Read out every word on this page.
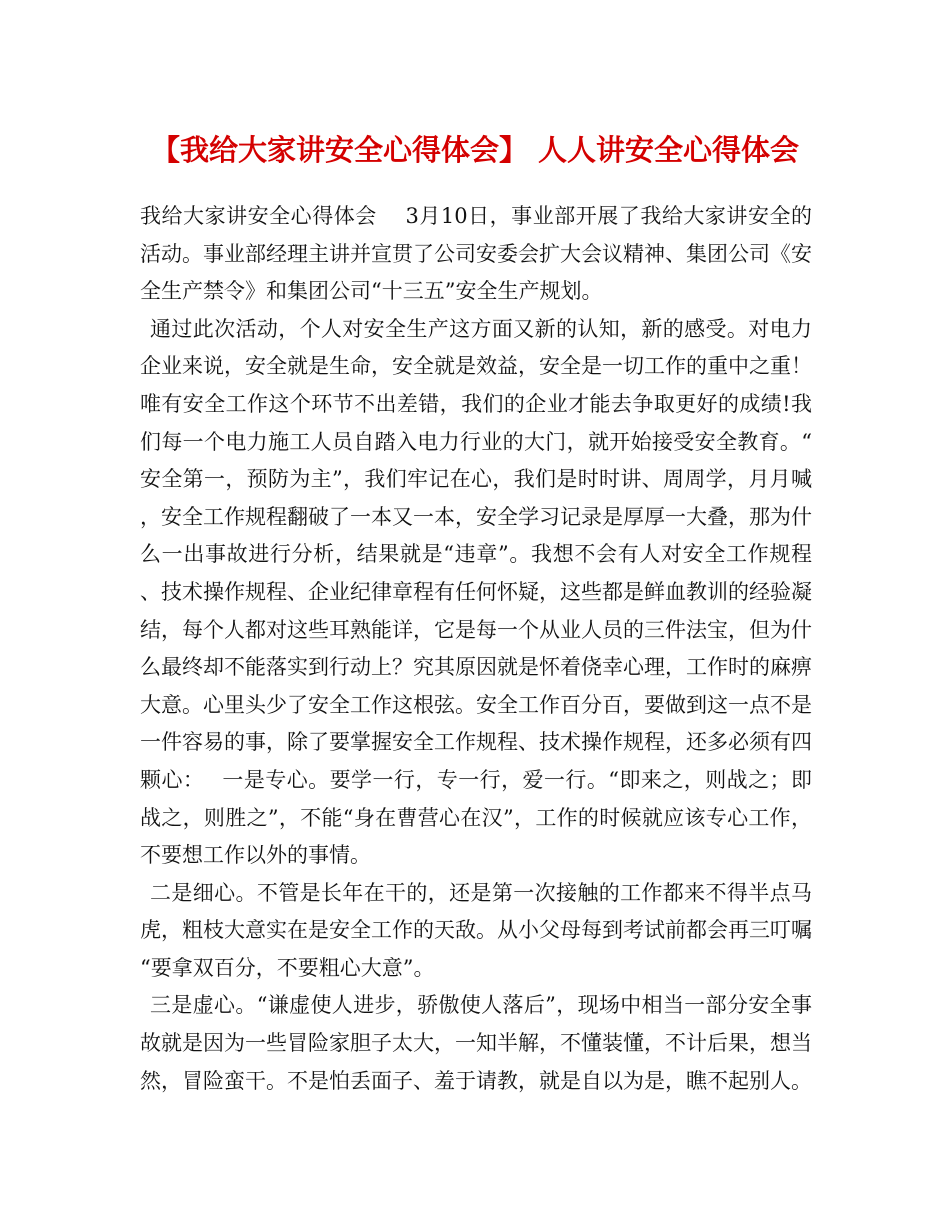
【我给大家讲安全心得体会】 人人讲安全心得体会

我给大家讲安全心得体会　 3月10日，事业部开展了我给大家讲安全的活动。事业部经理主讲并宣贯了公司安委会扩大会议精神、集团公司《安全生产禁令》和集团公司“十三五”安全生产规划。

通过此次活动，个人对安全生产这方面又新的认知，新的感受。对电力企业来说，安全就是生命，安全就是效益，安全是一切工作的重中之重！唯有安全工作这个环节不出差错，我们的企业才能去争取更好的成绩!我们每一个电力施工人员自踏入电力行业的大门，就开始接受安全教育。“安全第一，预防为主”，我们牢记在心，我们是时时讲、周周学，月月喊，安全工作规程翻破了一本又一本，安全学习记录是厚厚一大叠，那为什么一出事故进行分析，结果就是“违章”。我想不会有人对安全工作规程、技术操作规程、企业纪律章程有任何怀疑，这些都是鲜血教训的经验凝结，每个人都对这些耳熟能详，它是每一个从业人员的三件法宝，但为什么最终却不能落实到行动上？究其原因就是怀着侥幸心理，工作时的麻痹大意。心里头少了安全工作这根弦。安全工作百分百，要做到这一点不是一件容易的事，除了要掌握安全工作规程、技术操作规程，还多必须有四颗心：　 一是专心。要学一行，专一行，爱一行。“即来之，则战之；即战之，则胜之”，不能“身在曹营心在汉”，工作的时候就应该专心工作，不要想工作以外的事情。

二是细心。不管是长年在干的，还是第一次接触的工作都来不得半点马虎，粗枝大意实在是安全工作的天敌。从小父母每到考试前都会再三叮嘱“要拿双百分，不要粗心大意”。

三是虚心。“谦虚使人进步，骄傲使人落后”，现场中相当一部分安全事故就是因为一些冒险家胆子太大，一知半解，不懂装懂，不计后果，想当然，冒险蛮干。不是怕丢面子、羞于请教，就是自以为是，瞧不起别人。
